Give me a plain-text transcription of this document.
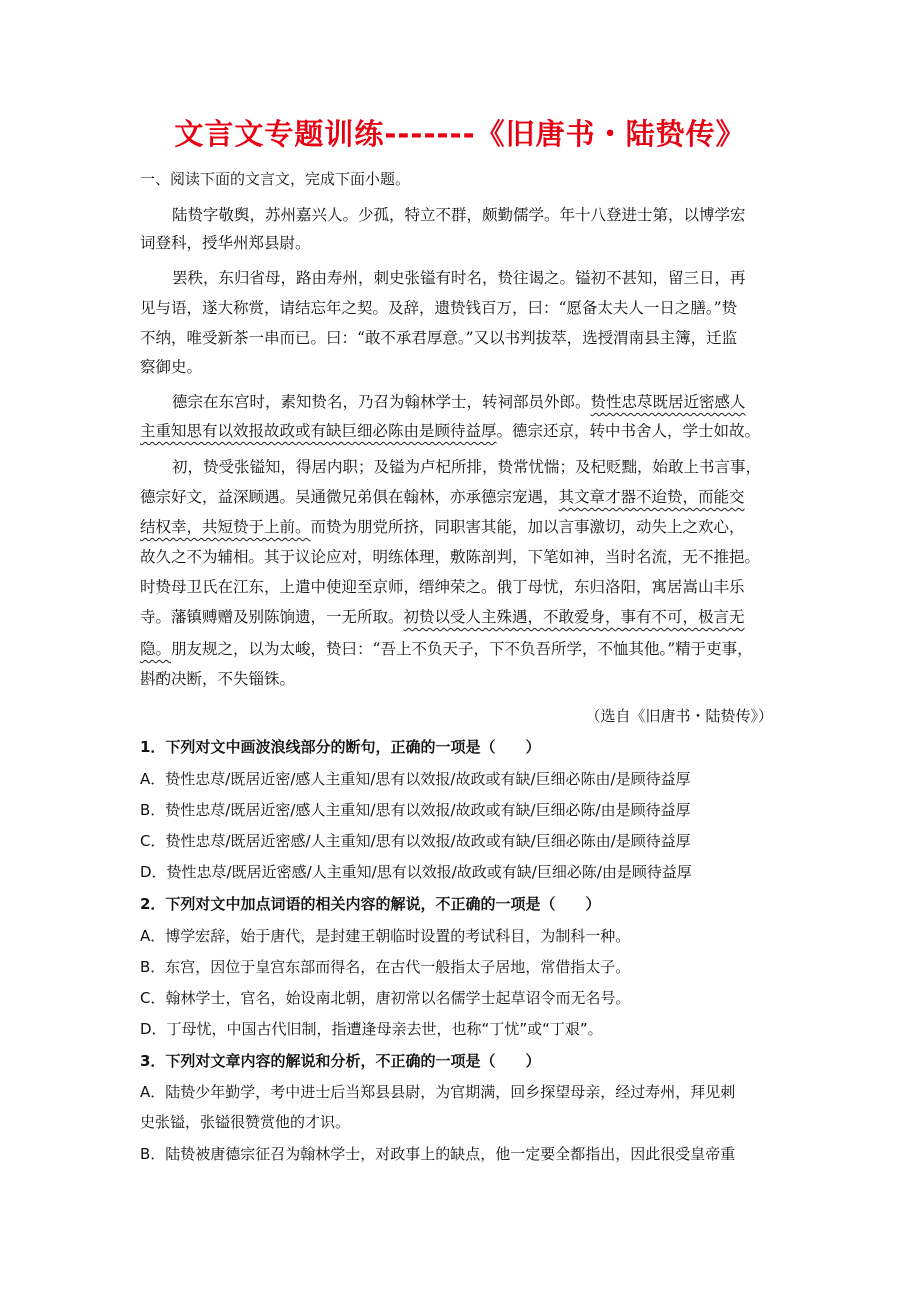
文言文专题训练-------《旧唐书・陆贽传》
一、阅读下面的文言文，完成下面小题。
陆贽字敬舆，苏州嘉兴人。少孤，特立不群，颇勤儒学。年十八登进士第，以博学宏
词登科，授华州郑县尉。
罢秩，东归省母，路由寿州，刺史张镒有时名，贽往谒之。镒初不甚知，留三日，再
见与语，遂大称赏，请结忘年之契。及辞，遗贽钱百万，曰：“愿备太夫人一日之膳。”贽
不纳，唯受新茶一串而已。曰：“敢不承君厚意。”又以书判拔萃，选授渭南县主簿，迁监
察御史。
德宗在东宫时，素知贽名，乃召为翰林学士，转祠部员外郎。贽性忠荩既居近密感人
主重知思有以效报故政或有缺巨细必陈由是顾待益厚。德宗还京，转中书舍人，学士如故。
初，贽受张镒知，得居内职；及镒为卢杞所排，贽常忧惴；及杞贬黜，始敢上书言事，
德宗好文，益深顾遇。吴通微兄弟俱在翰林，亦承德宗宠遇，其文章才器不迨贽，而能交
结权幸，共短贽于上前。而贽为朋党所挤，同职害其能，加以言事激切，动失上之欢心，
故久之不为辅相。其于议论应对，明练体理，敷陈剖判，下笔如神，当时名流，无不推挹。
时贽母卫氏在江东，上遣中使迎至京师，缙绅荣之。俄丁母忧，东归洛阳，寓居嵩山丰乐
寺。藩镇赙赠及别陈饷遗，一无所取。初贽以受人主殊遇，不敢爱身，事有不可，极言无
隐。朋友规之，以为太峻，贽曰：“吾上不负天子，下不负吾所学，不恤其他。”精于吏事，
斟酌决断，不失锱铢。
（选自《旧唐书・陆贽传》）
1．下列对文中画波浪线部分的断句，正确的一项是（　　）
A．贽性忠荩/既居近密/感人主重知/思有以效报/故政或有缺/巨细必陈由/是顾待益厚
B．贽性忠荩/既居近密/感人主重知/思有以效报/故政或有缺/巨细必陈/由是顾待益厚
C．贽性忠荩/既居近密感/人主重知/思有以效报/故政或有缺/巨细必陈由/是顾待益厚
D．贽性忠荩/既居近密感/人主重知/思有以效报/故政或有缺/巨细必陈/由是顾待益厚
2．下列对文中加点词语的相关内容的解说，不正确的一项是（　　）
A．博学宏辞，始于唐代，是封建王朝临时设置的考试科目，为制科一种。
B．东宫，因位于皇宫东部而得名，在古代一般指太子居地，常借指太子。
C．翰林学士，官名，始设南北朝，唐初常以名儒学士起草诏令而无名号。
D．丁母忧，中国古代旧制，指遭逢母亲去世，也称“丁忧”或“丁艰”。
3．下列对文章内容的解说和分析，不正确的一项是（　　）
A．陆贽少年勤学，考中进士后当郑县县尉，为官期满，回乡探望母亲，经过寿州，拜见刺
史张镒，张镒很赞赏他的才识。
B．陆贽被唐德宗征召为翰林学士，对政事上的缺点，他一定要全都指出，因此很受皇帝重
